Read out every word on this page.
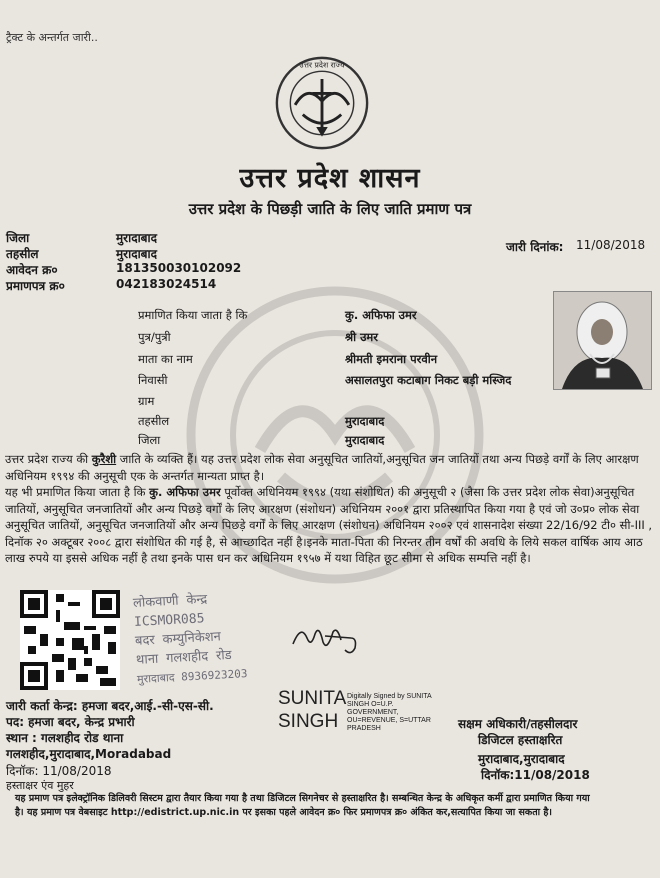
ट्रैक्ट के अन्तर्गत जारी..
उत्तर प्रदेश राज्य
उत्तर प्रदेश शासन
उत्तर प्रदेश के पिछड़ी जाति के लिए जाति प्रमाण पत्र
जिला	मुरादाबाद
तहसील	मुरादाबाद
आवेदन क्र०	181350030102092
प्रमाणपत्र क्र०	042183024514
जारी दिनांक: 11/08/2018
प्रमाणित किया जाता है कि	कु. अफिफा उमर
पुत्र/पुत्री	श्री उमर
माता का नाम	श्रीमती इमराना परवीन
निवासी	असालतपुरा कटाबाग निकट बड़ी मस्जिद
ग्राम
तहसील	मुरादाबाद
जिला	मुरादाबाद
उत्तर प्रदेश राज्य की कुरैशी जाति के व्यक्ति हैं। यह उत्तर प्रदेश लोक सेवा अनुसूचित जातियों,अनुसूचित जन जातियों तथा अन्य पिछड़े वर्गों के लिए आरक्षण अधिनियम १९९४ की अनुसूची एक के अन्तर्गत मान्यता प्राप्त है।
यह भी प्रमाणित किया जाता है कि कु. अफिफा उमर पूर्वोक्त अधिनियम १९९४ (यथा संशोधित) की अनुसूची २ (जैसा कि उत्तर प्रदेश लोक सेवा)अनुसूचित जातियों, अनुसूचित जनजातियों और अन्य पिछड़े वर्गों के लिए आरक्षण (संशोधन) अधिनियम २००१ द्वारा प्रतिस्थापित किया गया है एवं जो उ०प्र० लोक सेवा अनुसूचित जातियों, अनुसूचित जनजातियों और अन्य पिछड़े वर्गों के लिए आरक्षण (संशोधन) अधिनियम २००२ एवं शासनादेश संख्या 22/16/92 टी० सी-III , दिनॉक २० अक्टूबर २००८ द्वारा संशोधित की गई है, से आच्छादित नहीं है।इनके माता-पिता की निरन्तर तीन वर्षों की अवधि के लिये सकल वार्षिक आय आठ लाख रुपये या इससे अधिक नहीं है तथा इनके पास धन कर अधिनियम १९५७ में यथा विहित छूट सीमा से अधिक सम्पत्ति नहीं है।
लोकवाणी केन्द्र
ICSMOR085
बदर कम्युनिकेशन
थाना गलशहीद रोड
मुरादाबाद 8936923203
SUNITA
SINGH
Digitally Signed by SUNITA SINGH O=U.P. GOVERNMENT, OU=REVENUE, S=UTTAR PRADESH
जारी कर्ता केन्द्र: हमजा बदर,आई.-सी-एस-सी.
पद: हमजा बदर, केन्द्र प्रभारी
स्थान : गलशहीद रोड थाना
गलशहीद,मुरादाबाद,Moradabad
दिनॉक: 11/08/2018
हस्ताक्षर एंव मुहर
सक्षम अधिकारी/तहसीलदार
डिजिटल हस्ताक्षरित
मुरादाबाद,मुरादाबाद
दिनॉक:11/08/2018
यह प्रमाण पत्र इलेक्ट्रॉनिक डिलिवरी सिस्टम द्वारा तैयार किया गया है तथा डिजिटल सिगनेचर से हस्ताक्षरित है। सम्बन्धित केन्द्र के अधिकृत कर्मी द्वारा प्रमाणित किया गया
है। यह प्रमाण पत्र वेबसाइट http://edistrict.up.nic.in पर इसका पहले आवेदन क्र० फिर प्रमाणपत्र क्र० अंकित कर,सत्यापित किया जा सकता है।
